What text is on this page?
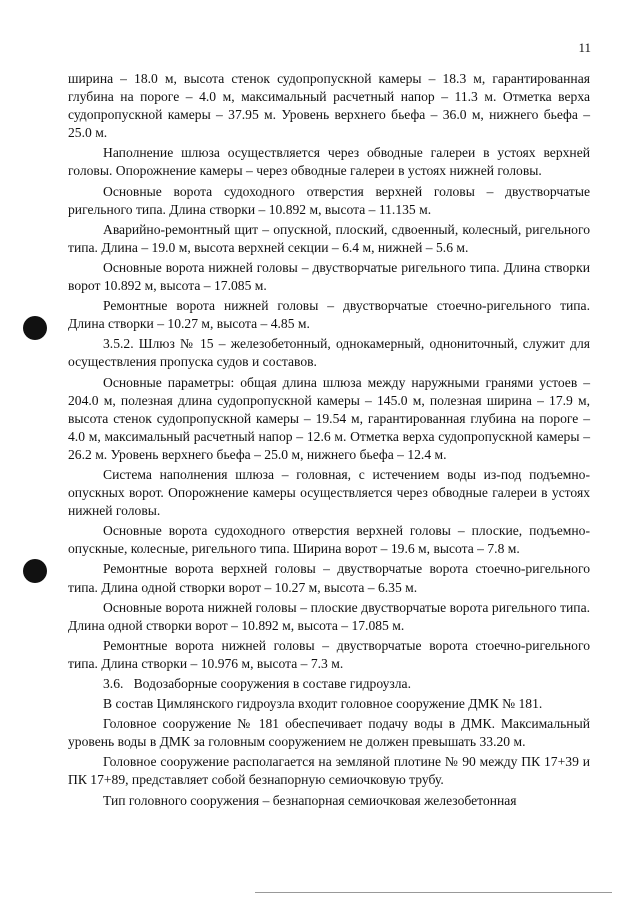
11

ширина – 18.0 м, высота стенок судопропускной камеры – 18.3 м, гарантированная глубина на пороге – 4.0 м, максимальный расчетный напор – 11.3 м. Отметка верха судопропускной камеры – 37.95 м. Уровень верхнего бьефа – 36.0 м, нижнего бьефа – 25.0 м.

Наполнение шлюза осуществляется через обводные галереи в устоях верхней головы. Опорожнение камеры – через обводные галереи в устоях нижней головы.

Основные ворота судоходного отверстия верхней головы – двустворчатые ригельного типа. Длина створки – 10.892 м, высота – 11.135 м.

Аварийно-ремонтный щит – опускной, плоский, сдвоенный, колесный, ригельного типа. Длина – 19.0 м, высота верхней секции – 6.4 м, нижней – 5.6 м.

Основные ворота нижней головы – двустворчатые ригельного типа. Длина створки ворот 10.892 м, высота – 17.085 м.

Ремонтные ворота нижней головы – двустворчатые стоечно-ригельного типа. Длина створки – 10.27 м, высота – 4.85 м.

3.5.2. Шлюз № 15 – железобетонный, однокамерный, однониточный, служит для осуществления пропуска судов и составов.

Основные параметры: общая длина шлюза между наружными гранями устоев – 204.0 м, полезная длина судопропускной камеры – 145.0 м, полезная ширина – 17.9 м, высота стенок судопропускной камеры – 19.54 м, гарантированная глубина на пороге – 4.0 м, максимальный расчетный напор – 12.6 м. Отметка верха судопропускной камеры – 26.2 м. Уровень верхнего бьефа – 25.0 м, нижнего бьефа – 12.4 м.

Система наполнения шлюза – головная, с истечением воды из-под подъемно-опускных ворот. Опорожнение камеры осуществляется через обводные галереи в устоях нижней головы.

Основные ворота судоходного отверстия верхней головы – плоские, подъемно-опускные, колесные, ригельного типа. Ширина ворот – 19.6 м, высота – 7.8 м.

Ремонтные ворота верхней головы – двустворчатые ворота стоечно-ригельного типа. Длина одной створки ворот – 10.27 м, высота – 6.35 м.

Основные ворота нижней головы – плоские двустворчатые ворота ригельного типа. Длина одной створки ворот – 10.892 м, высота – 17.085 м.

Ремонтные ворота нижней головы – двустворчатые ворота стоечно-ригельного типа. Длина створки – 10.976 м, высота – 7.3 м.

3.6.   Водозаборные сооружения в составе гидроузла.

В состав Цимлянского гидроузла входит головное сооружение ДМК № 181.

Головное сооружение № 181 обеспечивает подачу воды в ДМК. Максимальный уровень воды в ДМК за головным сооружением не должен превышать 33.20 м.

Головное сооружение располагается на земляной плотине № 90 между ПК 17+39 и ПК 17+89, представляет собой безнапорную семиочковую трубу.

Тип головного сооружения – безнапорная семиочковая железобетонная
